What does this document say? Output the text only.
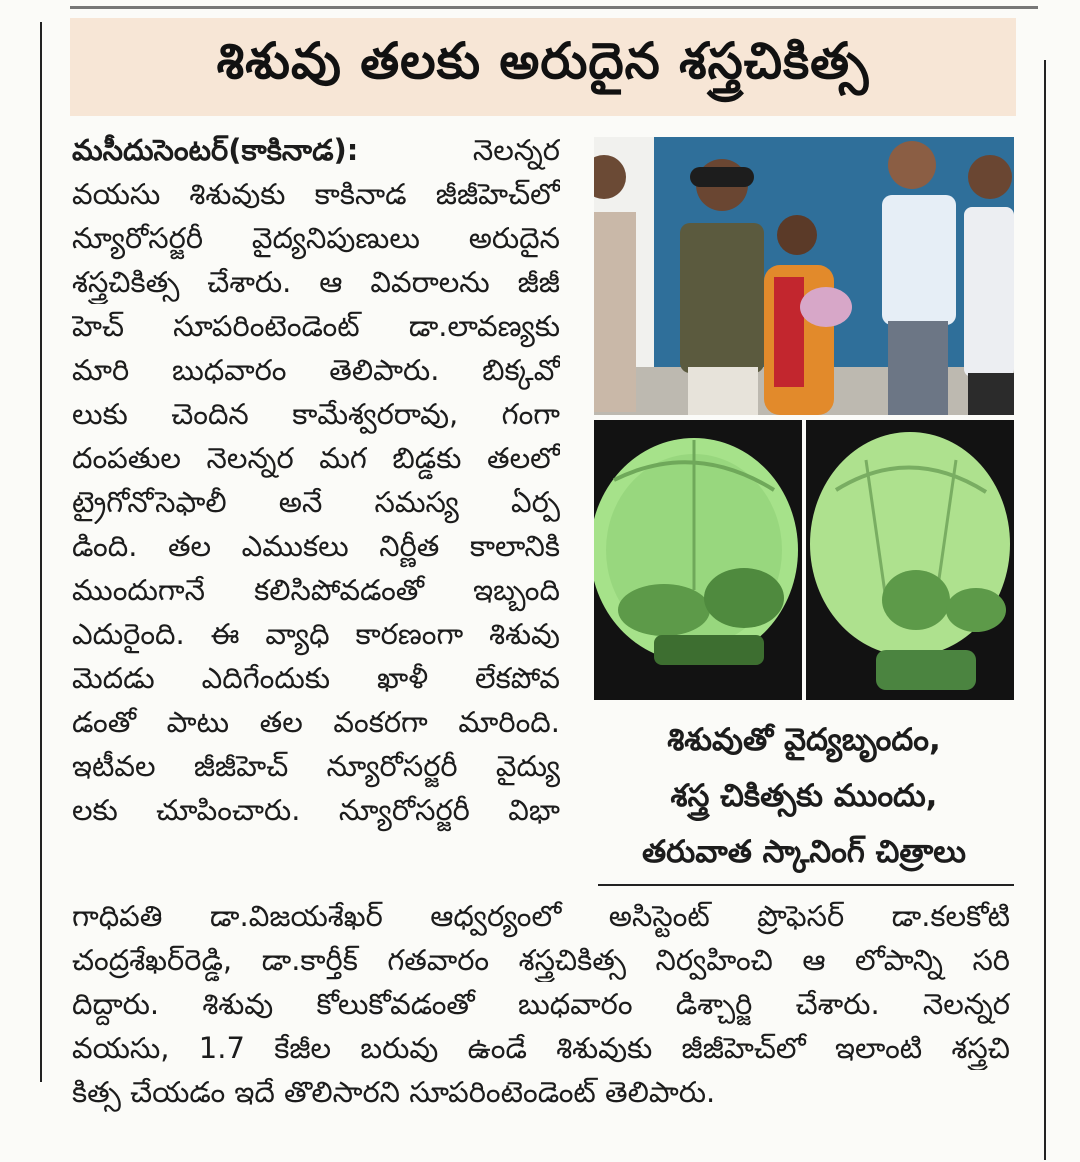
శిశువు తలకు అరుదైన శస్త్రచికిత్స
మసీదుసెంటర్(కాకినాడ):	నెలన్నర
వయసు శిశువుకు కాకినాడ జీజీహెచ్‌లో
న్యూరోసర్జరీ వైద్యనిపుణులు అరుదైన
శస్త్రచికిత్స చేశారు. ఆ వివరాలను జీజీ
హెచ్ సూపరింటెండెంట్ డా.లావణ్యకు
మారి బుధవారం తెలిపారు. బిక్కవో
లుకు చెందిన కామేశ్వరరావు, గంగా
దంపతుల నెలన్నర మగ బిడ్డకు తలలో
ట్రైగోనోసెఫాలీ అనే సమస్య ఏర్ప
డింది. తల ఎముకలు నిర్ణీత కాలానికి
ముందుగానే కలిసిపోవడంతో ఇబ్బంది
ఎదురైంది. ఈ వ్యాధి కారణంగా శిశువు
మెదడు ఎదిగేందుకు ఖాళీ లేకపోవ
డంతో పాటు తల వంకరగా మారింది.
ఇటీవల జీజీహెచ్ న్యూరోసర్జరీ వైద్యు
లకు చూపించారు. న్యూరోసర్జరీ విభా
శిశువుతో వైద్యబృందం,
శస్త్ర చికిత్సకు ముందు,
తరువాత స్కానింగ్ చిత్రాలు
గాధిపతి డా.విజయశేఖర్ ఆధ్వర్యంలో అసిస్టెంట్ ప్రొఫెసర్ డా.కలకోటి
చంద్రశేఖర్‌రెడ్డి, డా.కార్తీక్ గతవారం శస్త్రచికిత్స నిర్వహించి ఆ లోపాన్ని సరి
దిద్దారు. శిశువు కోలుకోవడంతో బుధవారం డిశ్చార్జి చేశారు. నెలన్నర
వయసు, 1.7 కేజీల బరువు ఉండే శిశువుకు జీజీహెచ్‌లో ఇలాంటి శస్త్రచి
కిత్స చేయడం ఇదే తొలిసారని సూపరింటెండెంట్ తెలిపారు.
